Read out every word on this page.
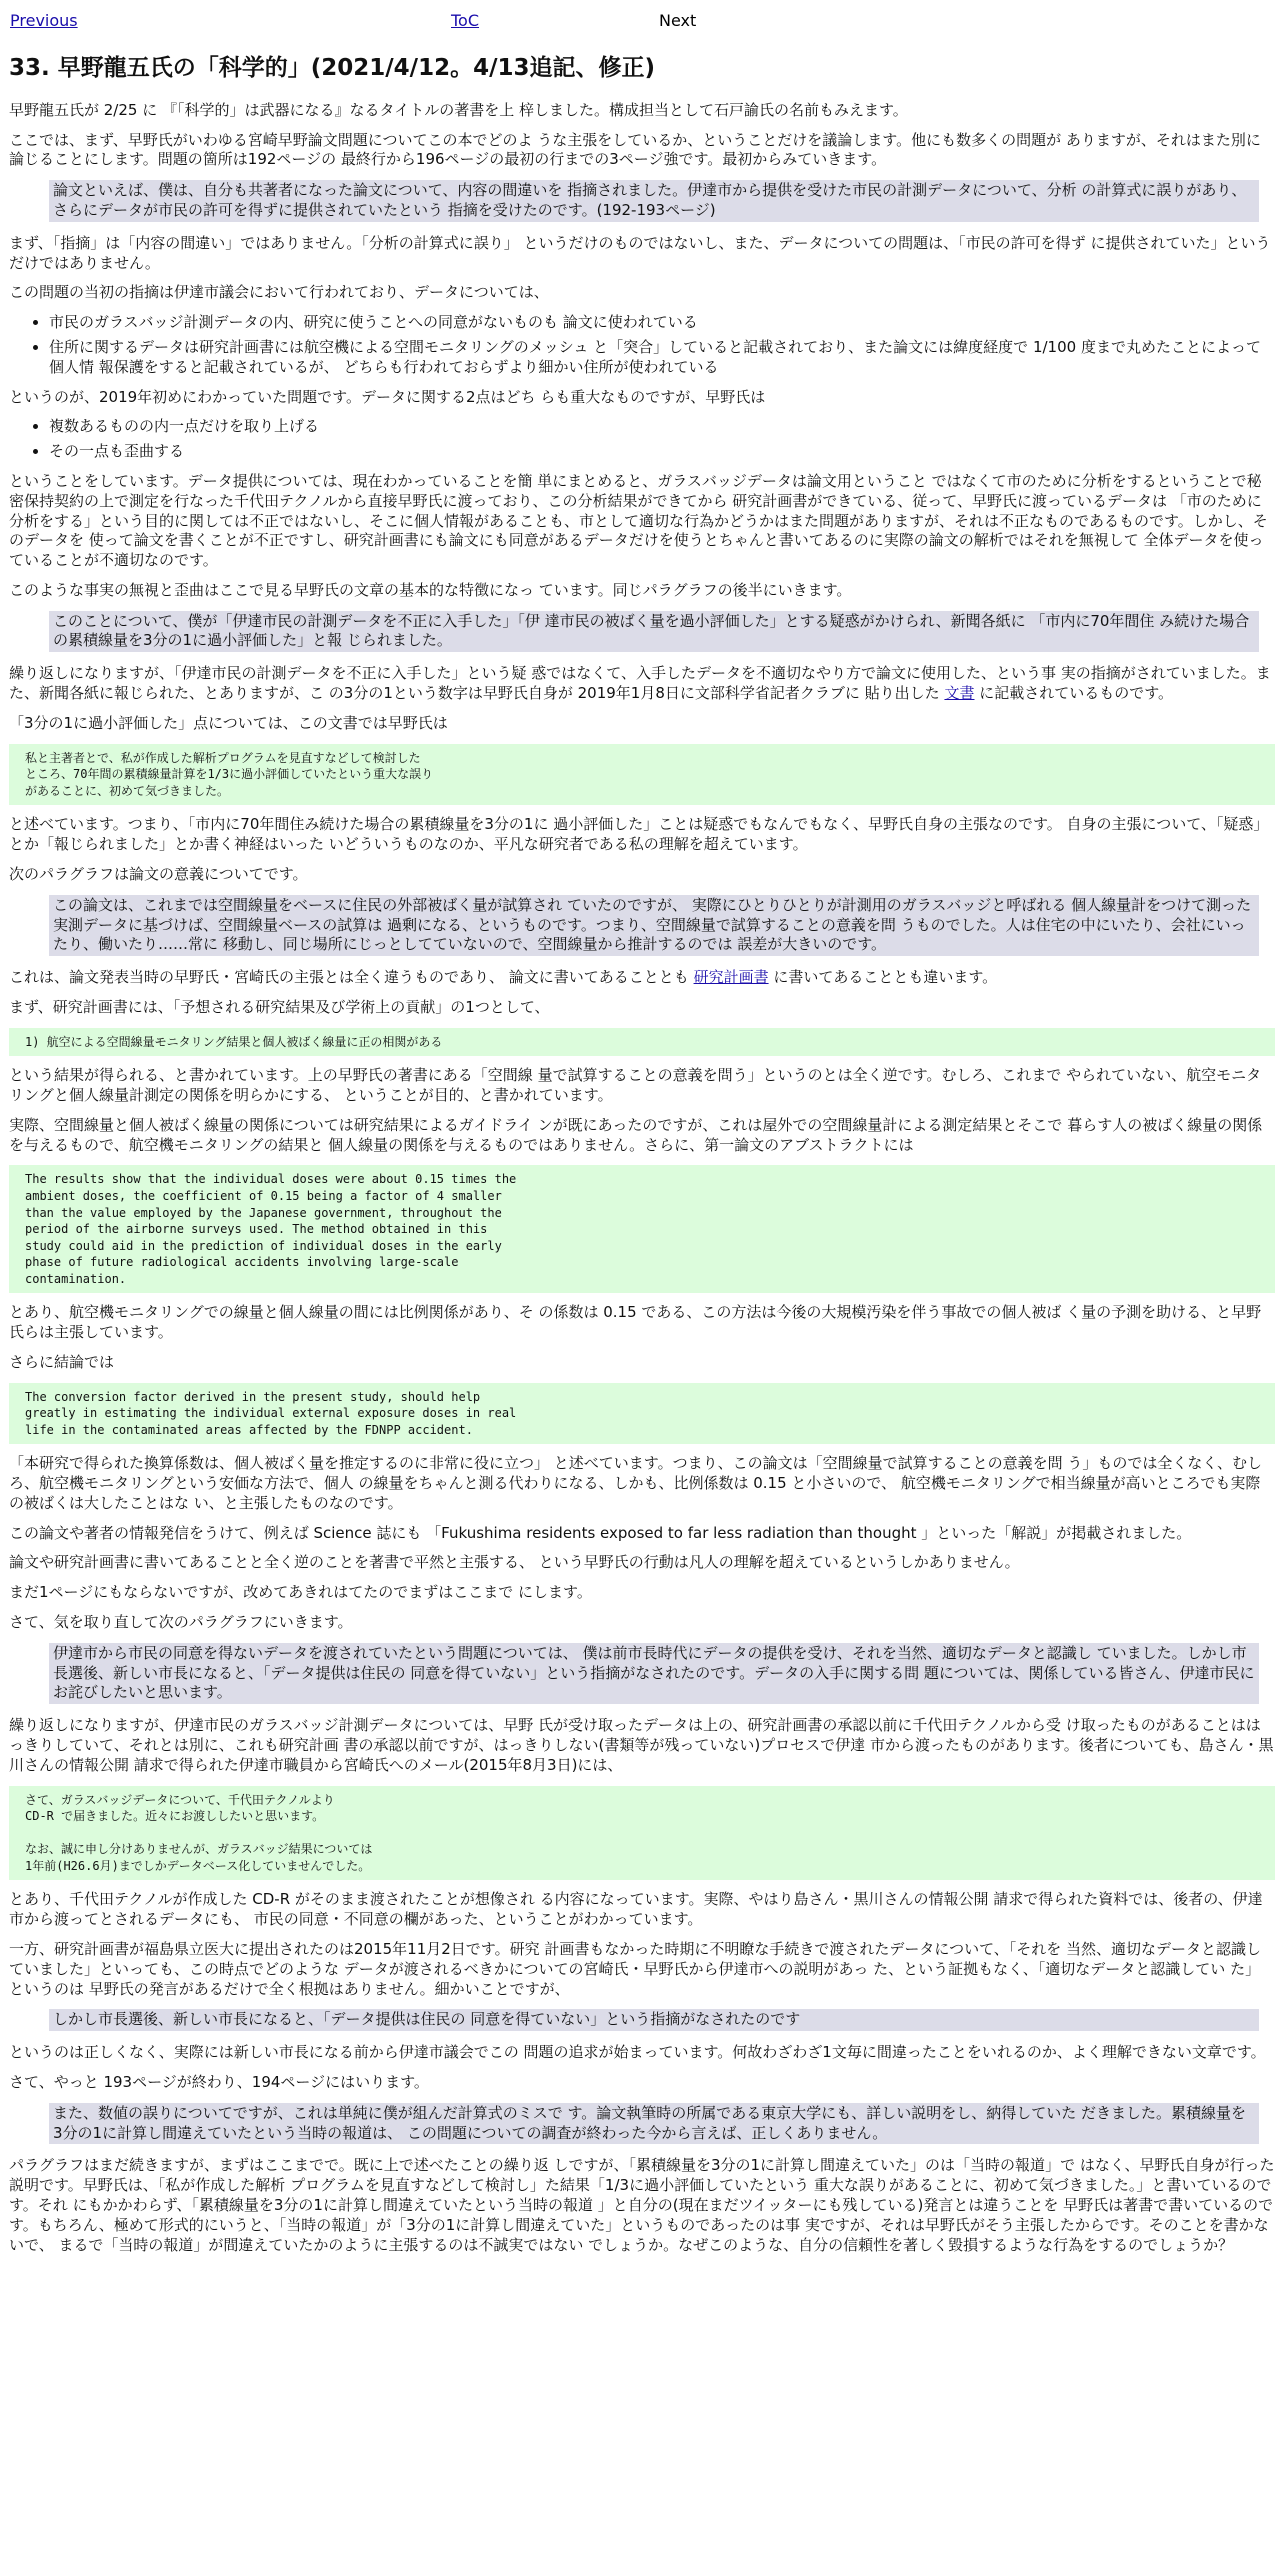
Previous	ToC	Next
33. 早野龍五氏の「科学的」(2021/4/12。4/13追記、修正)

早野龍五氏が 2/25 に 『「科学的」は武器になる』なるタイトルの著書を上 梓しました。構成担当として石戸諭氏の名前もみえます。

ここでは、まず、早野氏がいわゆる宮崎早野論文問題についてこの本でどのよ うな主張をしているか、ということだけを議論します。他にも数多くの問題が ありますが、それはまた別に論じることにします。問題の箇所は192ページの 最終行から196ページの最初の行までの3ページ強です。最初からみていきます。

論文といえば、僕は、自分も共著者になった論文について、内容の間違いを 指摘されました。伊達市から提供を受けた市民の計測データについて、分析 の計算式に誤りがあり、さらにデータが市民の許可を得ずに提供されていたという 指摘を受けたのです。(192-193ページ)

まず、「指摘」は「内容の間違い」ではありません。「分析の計算式に誤り」 というだけのものではないし、また、データについての問題は、「市民の許可を得ず に提供されていた」というだけではありません。

この問題の当初の指摘は伊達市議会において行われており、データについては、

• 市民のガラスバッジ計測データの内、研究に使うことへの同意がないものも 論文に使われている
• 住所に関するデータは研究計画書には航空機による空間モニタリングのメッシュ と「突合」していると記載されており、また論文には緯度経度で 1/100 度まで丸めたことによって個人情 報保護をすると記載されているが、 どちらも行われておらずより細かい住所が使われている

というのが、2019年初めにわかっていた問題です。データに関する2点はどち らも重大なものですが、早野氏は

• 複数あるものの内一点だけを取り上げる
• その一点も歪曲する

ということをしています。データ提供については、現在わかっていることを簡 単にまとめると、ガラスバッジデータは論文用ということ ではなくて市のために分析をするということで秘密保持契約の上で測定を行なった千代田テクノルから直接早野氏に渡っており、この分析結果ができてから 研究計画書ができている、従って、早野氏に渡っているデータは 「市のために分析をする」という目的に関しては不正ではないし、そこに個人情報があることも、市として適切な行為かどうかはまた問題がありますが、それは不正なものであるものです。しかし、そのデータを 使って論文を書くことが不正ですし、研究計画書にも論文にも同意があるデータだけを使うとちゃんと書いてあるのに実際の論文の解析ではそれを無視して 全体データを使っていることが不適切なのです。

このような事実の無視と歪曲はここで見る早野氏の文章の基本的な特徴になっ ています。同じパラグラフの後半にいきます。

このことについて、僕が「伊達市民の計測データを不正に入手した」「伊 達市民の被ばく量を過小評価した」とする疑惑がかけられ、新聞各紙に 「市内に70年間住 み続けた場合の累積線量を3分の1に過小評価した」と報 じられました。

繰り返しになりますが、「伊達市民の計測データを不正に入手した」という疑 惑ではなくて、入手したデータを不適切なやり方で論文に使用した、という事 実の指摘がされていました。また、新聞各紙に報じられた、とありますが、こ の3分の1という数字は早野氏自身が 2019年1月8日に文部科学省記者クラブに 貼り出した 文書 に記載されているものです。

「3分の1に過小評価した」点については、この文書では早野氏は

私と主著者とで、私が作成した解析プログラムを見直すなどして検討した
ところ、70年間の累積線量計算を1/3に過小評価していたという重大な誤り
があることに、初めて気づきました。

と述べています。つまり、「市内に70年間住み続けた場合の累積線量を3分の1に 過小評価した」ことは疑惑でもなんでもなく、早野氏自身の主張なのです。 自身の主張について、「疑惑」とか「報じられました」とか書く神経はいった いどういうものなのか、平凡な研究者である私の理解を超えています。

次のパラグラフは論文の意義についてです。

この論文は、これまでは空間線量をベースに住民の外部被ばく量が試算され ていたのですが、 実際にひとりひとりが計測用のガラスバッジと呼ばれる 個人線量計をつけて測った実測データに基づけば、空間線量ベースの試算は 過剰になる、というものです。つまり、空間線量で試算することの意義を問 うものでした。人は住宅の中にいたり、会社にいったり、働いたり……常に 移動し、同じ場所にじっとしてていないので、空間線量から推計するのでは 誤差が大きいのです。

これは、論文発表当時の早野氏・宮崎氏の主張とは全く違うものであり、 論文に書いてあることとも 研究計画書 に書いてあることとも違います。

まず、研究計画書には、「予想される研究結果及び学術上の貢献」の1つとして、

1) 航空による空間線量モニタリング結果と個人被ばく線量に正の相関がある

という結果が得られる、と書かれています。上の早野氏の著書にある「空間線 量で試算することの意義を問う」というのとは全く逆です。むしろ、これまで やられていない、航空モニタリングと個人線量計測定の関係を明らかにする、 ということが目的、と書かれています。

実際、空間線量と個人被ばく線量の関係については研究結果によるガイドライ ンが既にあったのですが、これは屋外での空間線量計による測定結果とそこで 暮らす人の被ばく線量の関係を与えるもので、航空機モニタリングの結果と 個人線量の関係を与えるものではありません。さらに、第一論文のアブストラクトには

The results show that the individual doses were about 0.15 times the
ambient doses, the coefficient of 0.15 being a factor of 4 smaller
than the value employed by the Japanese government, throughout the
period of the airborne surveys used. The method obtained in this
study could aid in the prediction of individual doses in the early
phase of future radiological accidents involving large-scale
contamination.

とあり、航空機モニタリングでの線量と個人線量の間には比例関係があり、そ の係数は 0.15 である、この方法は今後の大規模汚染を伴う事故での個人被ば く量の予測を助ける、と早野氏らは主張しています。

さらに結論では

The conversion factor derived in the present study, should help
greatly in estimating the individual external exposure doses in real
life in the contaminated areas affected by the FDNPP accident.

「本研究で得られた換算係数は、個人被ばく量を推定するのに非常に役に立つ」 と述べています。つまり、この論文は「空間線量で試算することの意義を問 う」ものでは全くなく、むしろ、航空機モニタリングという安価な方法で、個人 の線量をちゃんと測る代わりになる、しかも、比例係数は 0.15 と小さいので、 航空機モニタリングで相当線量が高いところでも実際の被ばくは大したことはな い、と主張したものなのです。

この論文や著者の情報発信をうけて、例えば Science 誌にも 「Fukushima residents exposed to far less radiation than thought 」といった「解説」が掲載されました。

論文や研究計画書に書いてあることと全く逆のことを著書で平然と主張する、 という早野氏の行動は凡人の理解を超えているというしかありません。

まだ1ページにもならないですが、改めてあきれはてたのでまずはここまで にします。

さて、気を取り直して次のパラグラフにいきます。

伊達市から市民の同意を得ないデータを渡されていたという問題については、 僕は前市長時代にデータの提供を受け、それを当然、適切なデータと認識し ていました。しかし市長選後、新しい市長になると、「データ提供は住民の 同意を得ていない」という指摘がなされたのです。データの入手に関する問 題については、関係している皆さん、伊達市民にお詫びしたいと思います。

繰り返しになりますが、伊達市民のガラスバッジ計測データについては、早野 氏が受け取ったデータは上の、研究計画書の承認以前に千代田テクノルから受 け取ったものがあることははっきりしていて、それとは別に、これも研究計画 書の承認以前ですが、はっきりしない(書類等が残っていない)プロセスで伊達 市から渡ったものがあります。後者についても、島さん・黒川さんの情報公開 請求で得られた伊達市職員から宮崎氏へのメール(2015年8月3日)には、

さて、ガラスバッジデータについて、千代田テクノルより
CD-R で届きました。近々にお渡ししたいと思います。

なお、誠に申し分けありませんが、ガラスバッジ結果については
1年前(H26.6月)までしかデータベース化していませんでした。

とあり、千代田テクノルが作成した CD-R がそのまま渡されたことが想像され る内容になっています。実際、やはり島さん・黒川さんの情報公開 請求で得られた資料では、後者の、伊達市から渡ってとされるデータにも、 市民の同意・不同意の欄があった、ということがわかっています。

一方、研究計画書が福島県立医大に提出されたのは2015年11月2日です。研究 計画書もなかった時期に不明瞭な手続きで渡されたデータについて、「それを 当然、適切なデータと認識していました」といっても、この時点でどのような データが渡されるべきかについての宮崎氏・早野氏から伊達市への説明があっ た、という証拠もなく、「適切なデータと認識してい た」というのは 早野氏の発言があるだけで全く根拠はありません。細かいことですが、

しかし市長選後、新しい市長になると、「データ提供は住民の 同意を得ていない」という指摘がなされたのです

というのは正しくなく、実際には新しい市長になる前から伊達市議会でこの 問題の追求が始まっています。何故わざわざ1文毎に間違ったことをいれるのか、よく理解できない文章です。

さて、やっと 193ページが終わり、194ページにはいります。

また、数値の誤りについてですが、これは単純に僕が組んだ計算式のミスで す。論文執筆時の所属である東京大学にも、詳しい説明をし、納得していた だきました。累積線量を3分の1に計算し間違えていたという当時の報道は、 この問題についての調査が終わった今から言えば、正しくありません。

パラグラフはまだ続きますが、まずはここまでで。既に上で述べたことの繰り返 しですが、「累積線量を3分の1に計算し間違えていた」のは「当時の報道」で はなく、早野氏自身が行った説明です。早野氏は、「私が作成した解析 プログラムを見直すなどして検討し」た結果「1/3に過小評価していたという 重大な誤りがあることに、初めて気づきました。」と書いているのです。それ にもかかわらず、「累積線量を3分の1に計算し間違えていたという当時の報道 」と自分の(現在まだツイッターにも残している)発言とは違うことを 早野氏は著書で書いているのです。もちろん、極めて形式的にいうと、「当時の報道」が「3分の1に計算し間違えていた」というものであったのは事 実ですが、それは早野氏がそう主張したからです。そのことを書かないで、 まるで「当時の報道」が間違えていたかのように主張するのは不誠実ではない でしょうか。なぜこのような、自分の信頼性を著しく毀損するような行為をするのでしょうか？
